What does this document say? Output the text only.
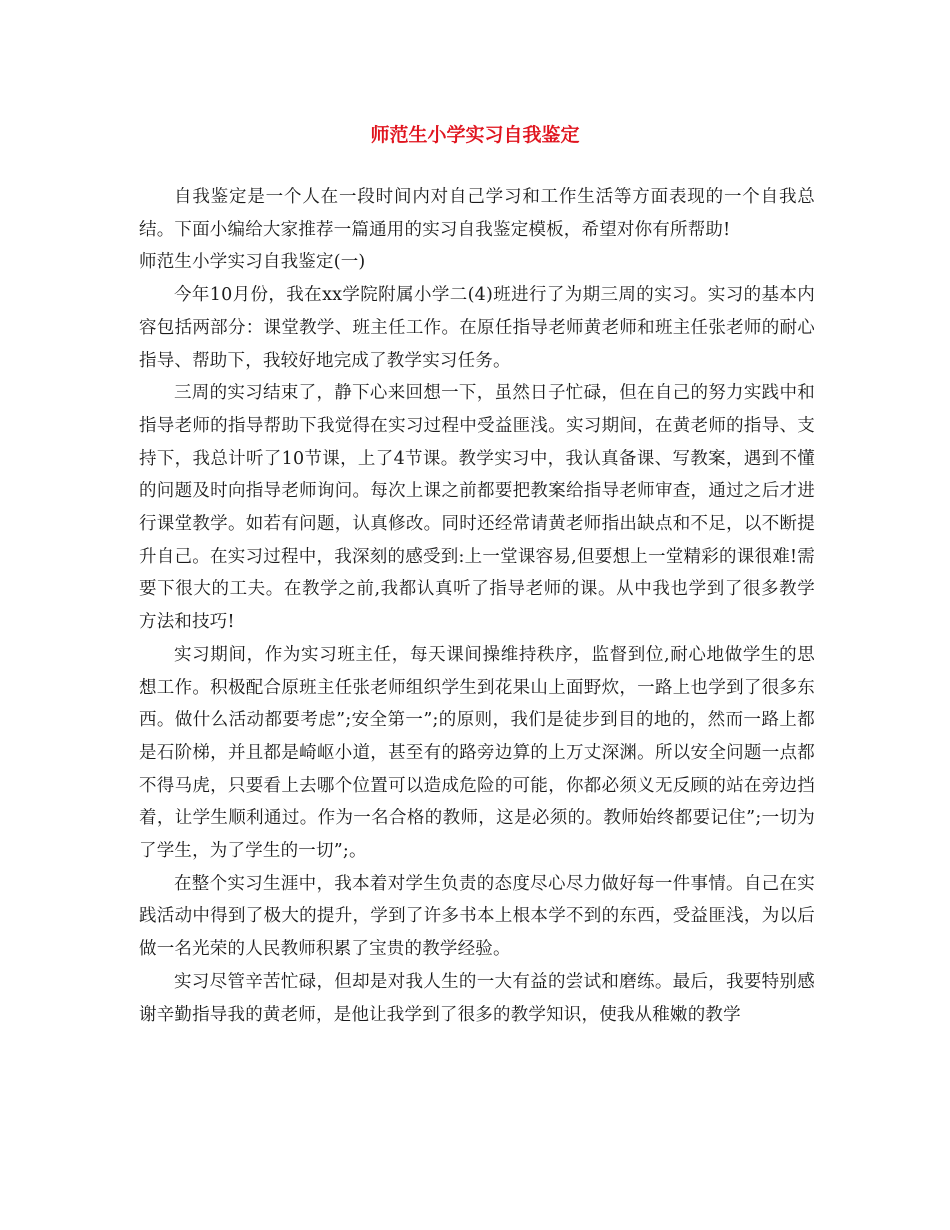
师范生小学实习自我鉴定

自我鉴定是一个人在一段时间内对自己学习和工作生活等方面表现的一个自我总结。下面小编给大家推荐一篇通用的实习自我鉴定模板，希望对你有所帮助!

师范生小学实习自我鉴定(一)

今年10月份，我在xx学院附属小学二(4)班进行了为期三周的实习。实习的基本内容包括两部分：课堂教学、班主任工作。在原任指导老师黄老师和班主任张老师的耐心指导、帮助下，我较好地完成了教学实习任务。

三周的实习结束了，静下心来回想一下，虽然日子忙碌，但在自己的努力实践中和指导老师的指导帮助下我觉得在实习过程中受益匪浅。实习期间，在黄老师的指导、支持下，我总计听了10节课，上了4节课。教学实习中，我认真备课、写教案，遇到不懂的问题及时向指导老师询问。每次上课之前都要把教案给指导老师审查，通过之后才进行课堂教学。如若有问题，认真修改。同时还经常请黄老师指出缺点和不足，以不断提升自己。在实习过程中，我深刻的感受到:上一堂课容易,但要想上一堂精彩的课很难!需要下很大的工夫。在教学之前,我都认真听了指导老师的课。从中我也学到了很多教学方法和技巧!

实习期间，作为实习班主任，每天课间操维持秩序，监督到位,耐心地做学生的思想工作。积极配合原班主任张老师组织学生到花果山上面野炊，一路上也学到了很多东西。做什么活动都要考虑”;安全第一”;的原则，我们是徒步到目的地的，然而一路上都是石阶梯，并且都是崎岖小道，甚至有的路旁边算的上万丈深渊。所以安全问题一点都不得马虎，只要看上去哪个位置可以造成危险的可能，你都必须义无反顾的站在旁边挡着，让学生顺利通过。作为一名合格的教师，这是必须的。教师始终都要记住”;一切为了学生，为了学生的一切”;。

在整个实习生涯中，我本着对学生负责的态度尽心尽力做好每一件事情。自己在实践活动中得到了极大的提升，学到了许多书本上根本学不到的东西，受益匪浅，为以后做一名光荣的人民教师积累了宝贵的教学经验。

实习尽管辛苦忙碌，但却是对我人生的一大有益的尝试和磨练。最后，我要特别感谢辛勤指导我的黄老师，是他让我学到了很多的教学知识，使我从稚嫩的教学
